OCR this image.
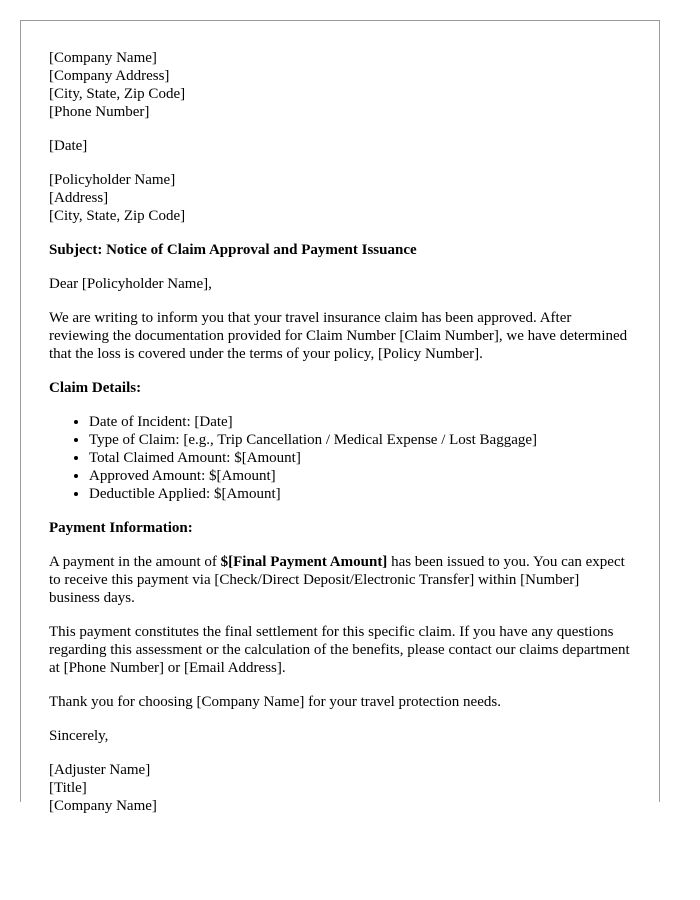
[Company Name]
[Company Address]
[City, State, Zip Code]
[Phone Number]
[Date]
[Policyholder Name]
[Address]
[City, State, Zip Code]

Subject: Notice of Claim Approval and Payment Issuance

Dear [Policyholder Name],

We are writing to inform you that your travel insurance claim has been approved. After reviewing the documentation provided for Claim Number [Claim Number], we have determined that the loss is covered under the terms of your policy, [Policy Number].

Claim Details:

• Date of Incident: [Date]
• Type of Claim: [e.g., Trip Cancellation / Medical Expense / Lost Baggage]
• Total Claimed Amount: $[Amount]
• Approved Amount: $[Amount]
• Deductible Applied: $[Amount]

Payment Information:

A payment in the amount of $[Final Payment Amount] has been issued to you. You can expect to receive this payment via [Check/Direct Deposit/Electronic Transfer] within [Number] business days.

This payment constitutes the final settlement for this specific claim. If you have any questions regarding this assessment or the calculation of the benefits, please contact our claims department at [Phone Number] or [Email Address].

Thank you for choosing [Company Name] for your travel protection needs.

Sincerely,

[Adjuster Name]
[Title]
[Company Name]
